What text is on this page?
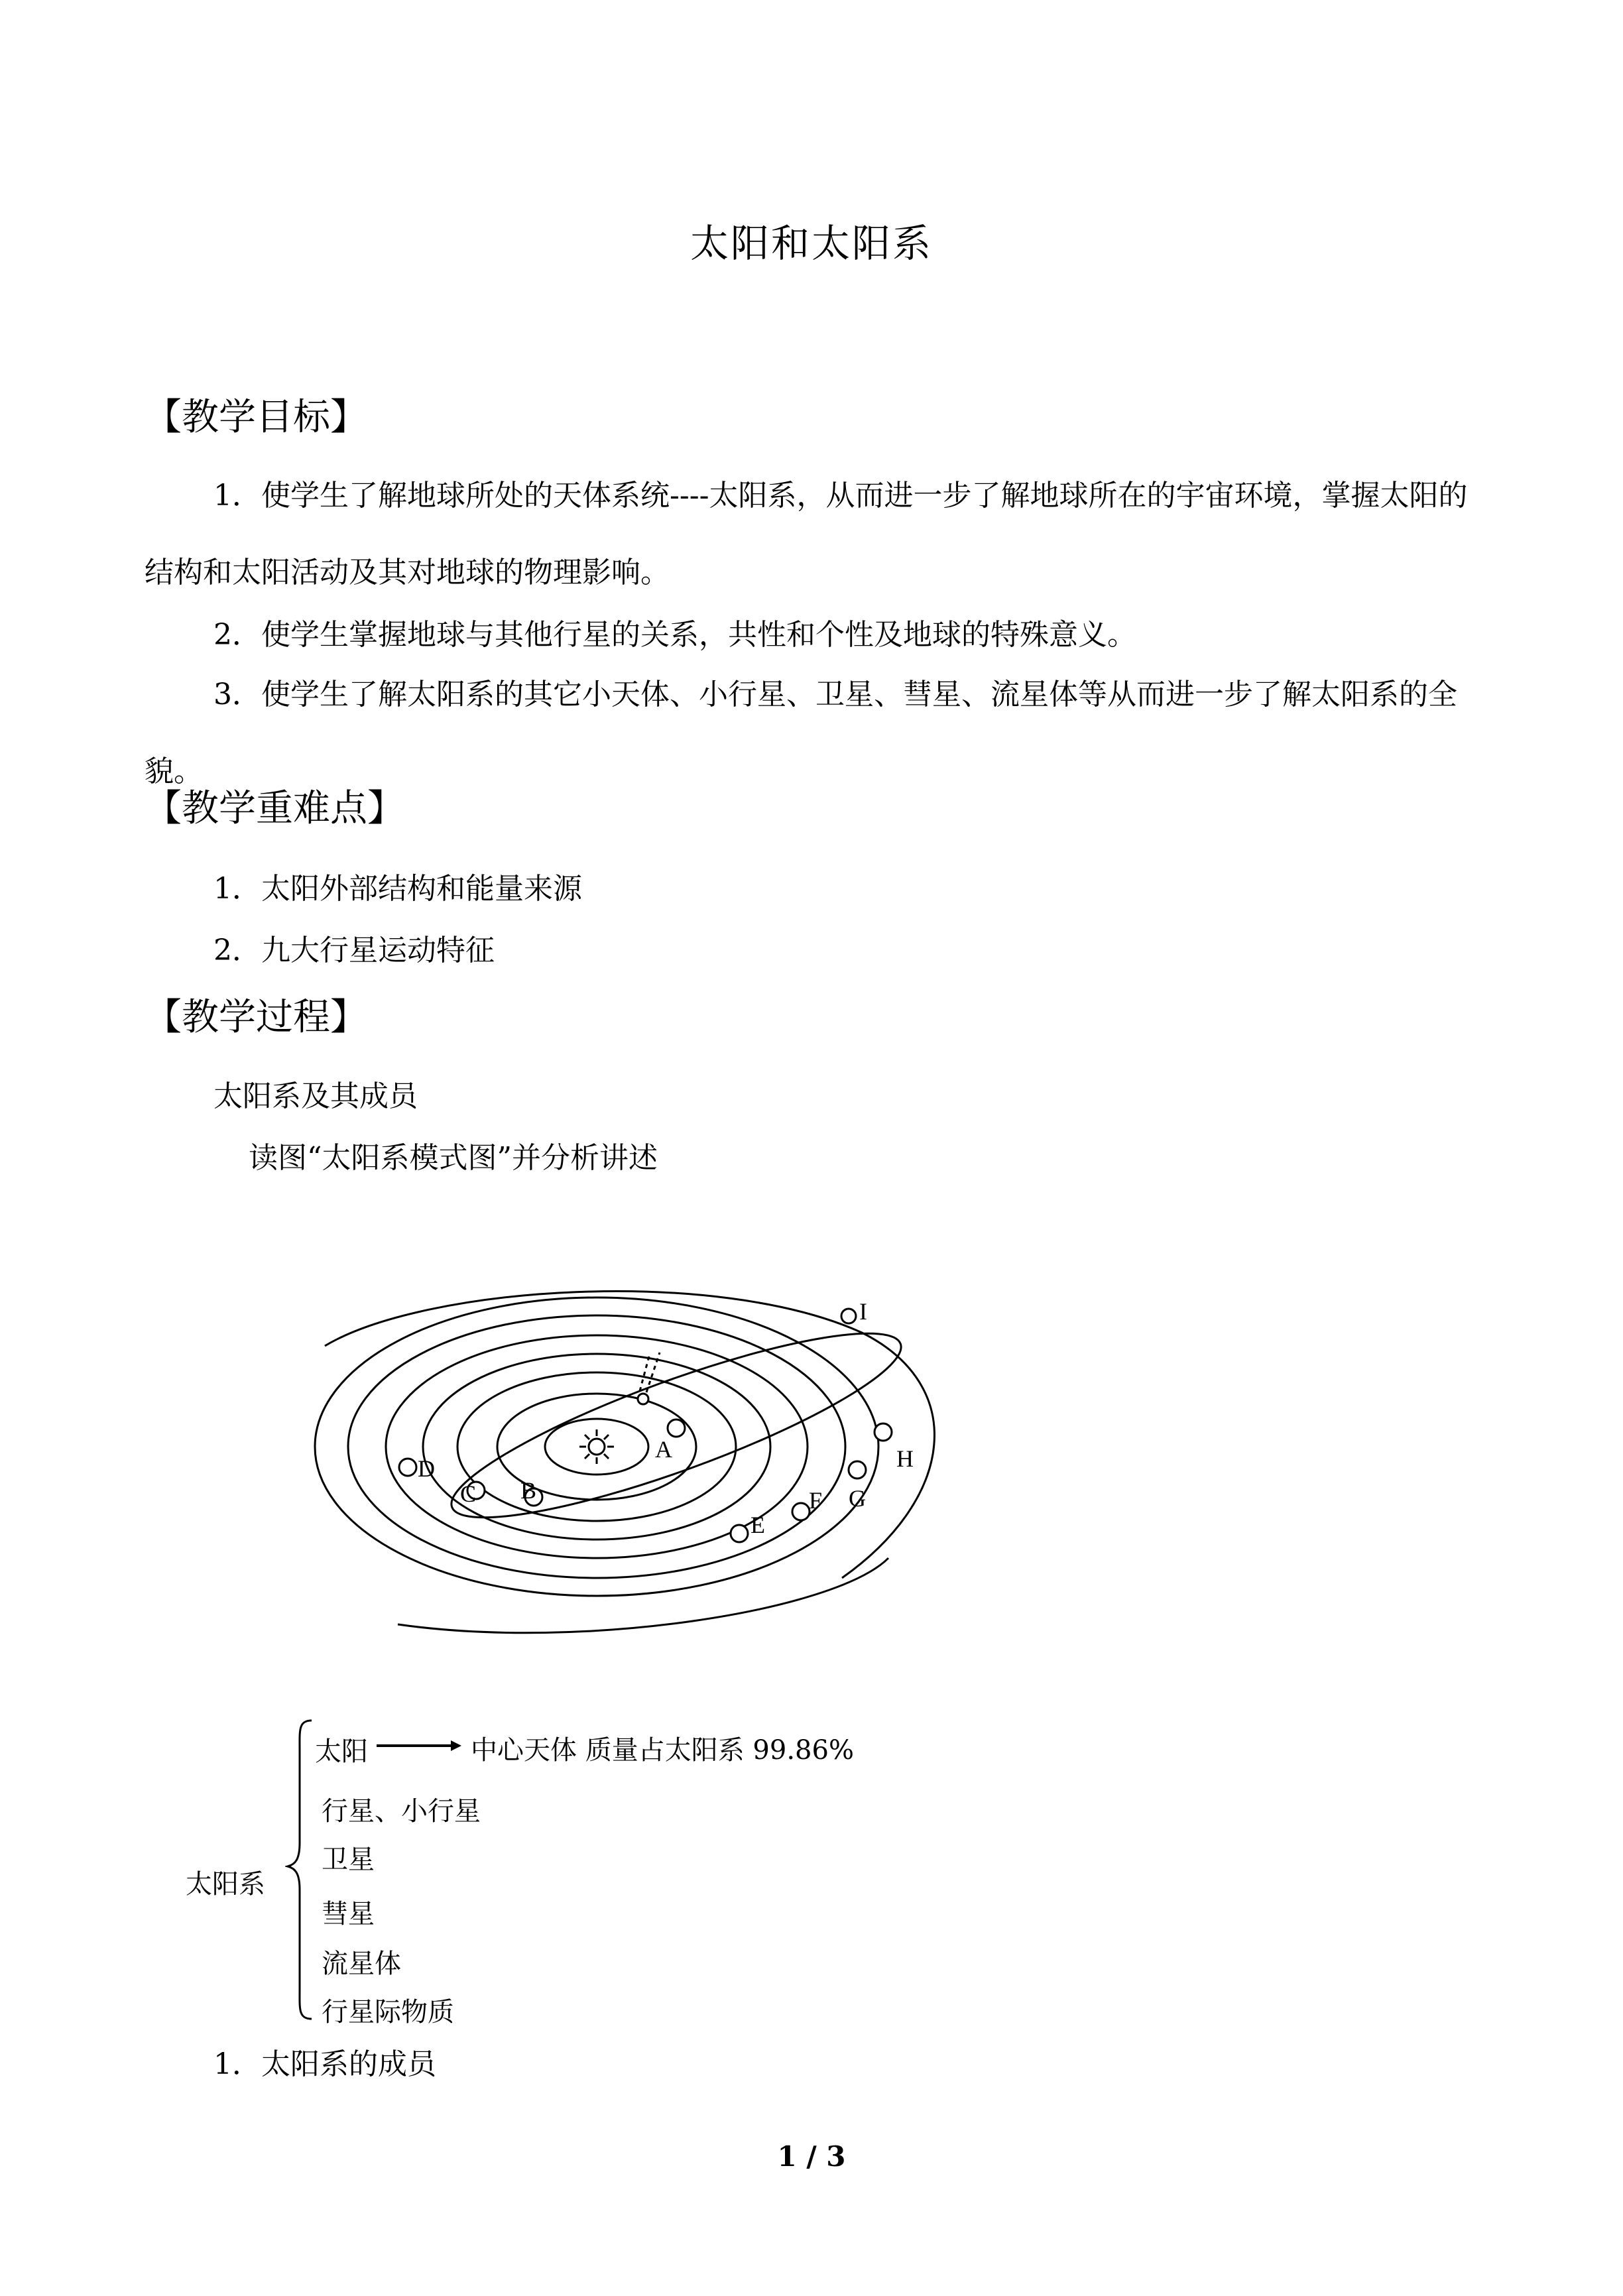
太阳和太阳系
【教学目标】
1．使学生了解地球所处的天体系统----太阳系，从而进一步了解地球所在的宇宙环境，掌握太阳的结构和太阳活动及其对地球的物理影响。
2．使学生掌握地球与其他行星的关系，共性和个性及地球的特殊意义。
3．使学生了解太阳系的其它小天体、小行星、卫星、彗星、流星体等从而进一步了解太阳系的全貌。
【教学重难点】
1．太阳外部结构和能量来源
2．九大行星运动特征
【教学过程】
太阳系及其成员
读图“太阳系模式图”并分析讲述
A
B
C
D
E
F G
H
I
太阳系
太阳	中心天体 质量占太阳系 99.86%
行星、小行星
卫星
彗星
流星体
行星际物质
1．太阳系的成员
1 / 3
